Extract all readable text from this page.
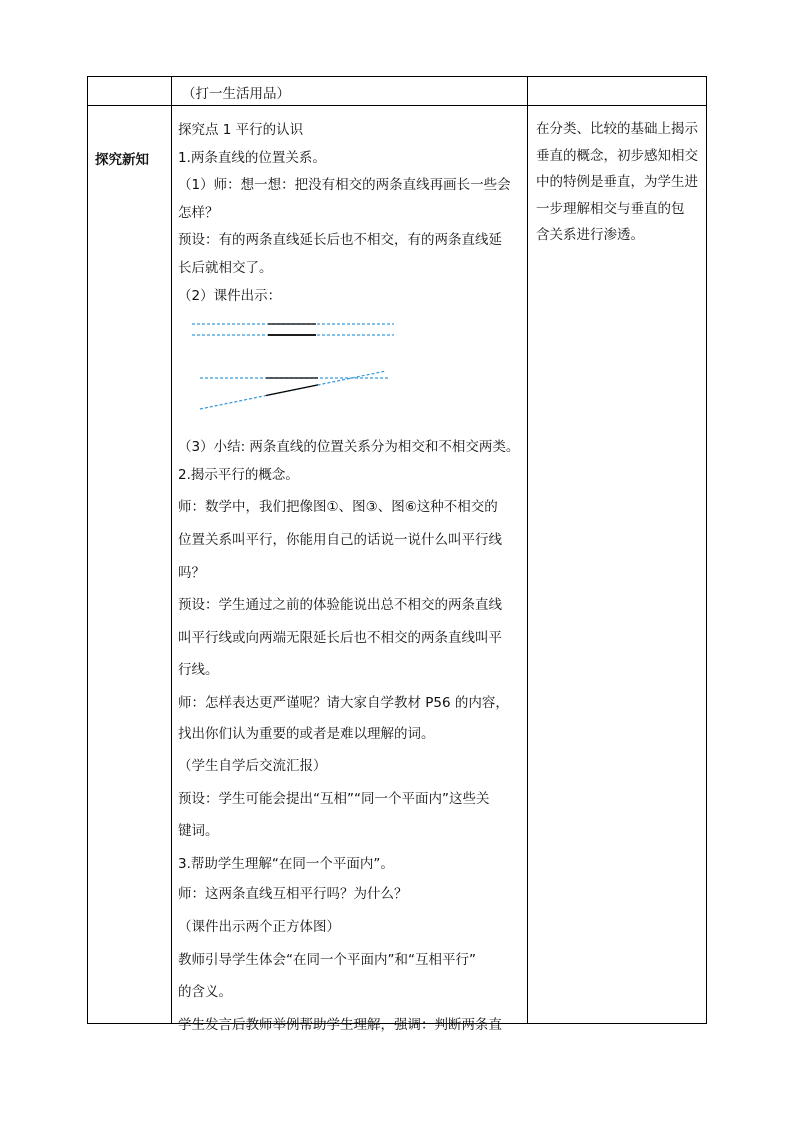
（打一生活用品）
探究新知

探究点 1 平行的认识

1.两条直线的位置关系。

（1）师：想一想：把没有相交的两条直线再画长一些会

怎样？

预设：有的两条直线延长后也不相交，有的两条直线延

长后就相交了。

（2）课件出示：

（3）小结: 两条直线的位置关系分为相交和不相交两类。

2.揭示平行的概念。

师：数学中，我们把像图①、图③、图⑥这种不相交的

位置关系叫平行，你能用自己的话说一说什么叫平行线

吗？

预设：学生通过之前的体验能说出总不相交的两条直线

叫平行线或向两端无限延长后也不相交的两条直线叫平

行线。

师：怎样表达更严谨呢？请大家自学教材 P56 的内容，

找出你们认为重要的或者是难以理解的词。

（学生自学后交流汇报）

预设：学生可能会提出“互相”“同一个平面内”这些关

键词。

3.帮助学生理解“在同一个平面内”。

师：这两条直线互相平行吗？为什么？

（课件出示两个正方体图）

教师引导学生体会“在同一个平面内”和“互相平行”

的含义。

学生发言后教师举例帮助学生理解，强调：判断两条直

在分类、比较的基础上揭示

垂直的概念，初步感知相交

中的特例是垂直，为学生进

一步理解相交与垂直的包

含关系进行渗透。
